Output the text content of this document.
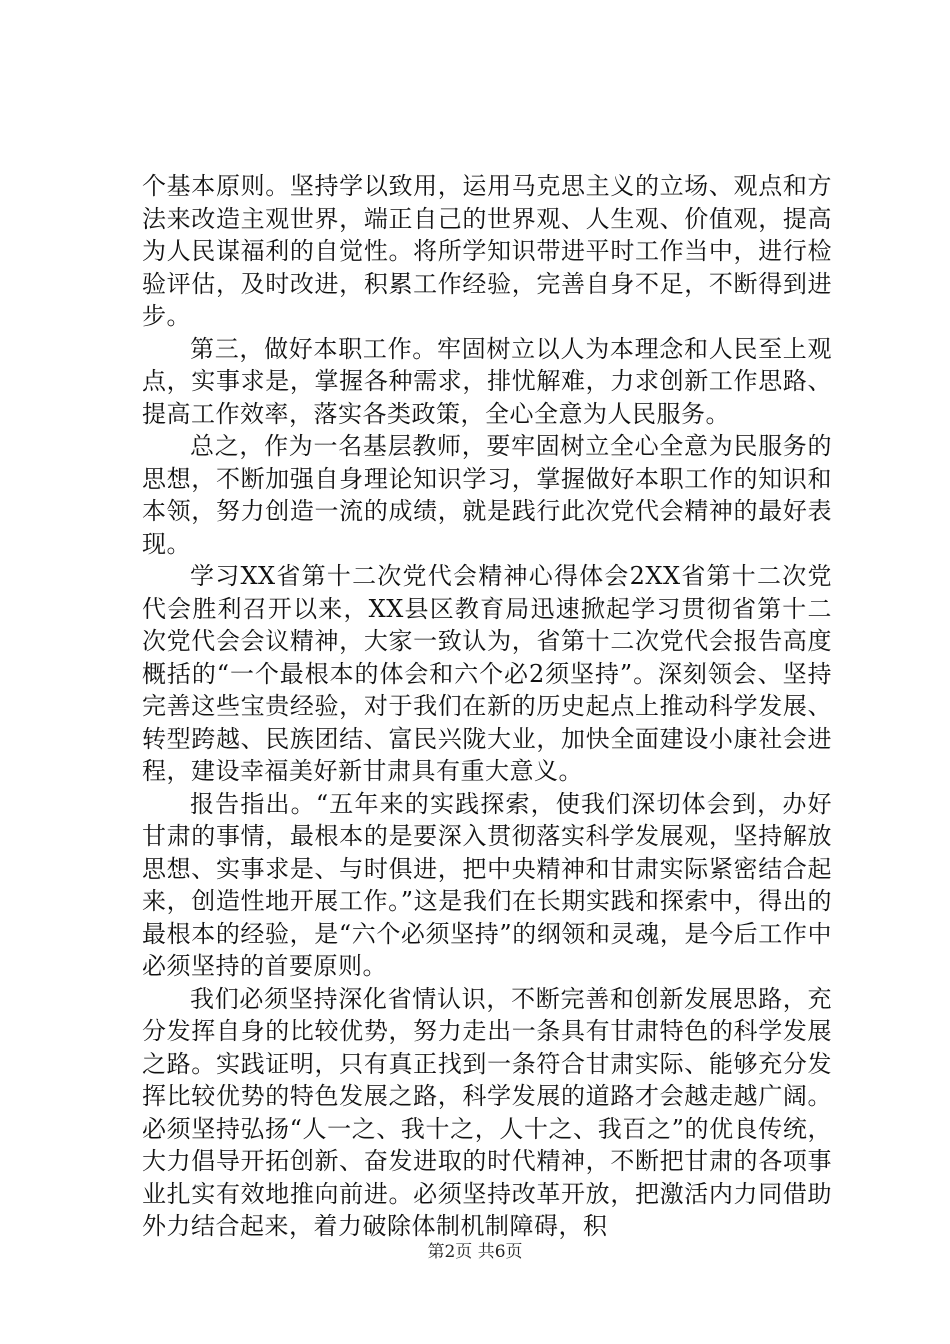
个基本原则。坚持学以致用，运用马克思主义的立场、观点和方法来改造主观世界，端正自己的世界观、人生观、价值观，提高为人民谋福利的自觉性。将所学知识带进平时工作当中，进行检验评估，及时改进，积累工作经验，完善自身不足，不断得到进步。

第三，做好本职工作。牢固树立以人为本理念和人民至上观点，实事求是，掌握各种需求，排忧解难，力求创新工作思路、提高工作效率，落实各类政策，全心全意为人民服务。

总之，作为一名基层教师，要牢固树立全心全意为民服务的思想，不断加强自身理论知识学习，掌握做好本职工作的知识和本领，努力创造一流的成绩，就是践行此次党代会精神的最好表现。

学习XX省第十二次党代会精神心得体会2XX省第十二次党代会胜利召开以来，XX县区教育局迅速掀起学习贯彻省第十二次党代会会议精神，大家一致认为，省第十二次党代会报告高度概括的“一个最根本的体会和六个必2须坚持”。深刻领会、坚持完善这些宝贵经验，对于我们在新的历史起点上推动科学发展、转型跨越、民族团结、富民兴陇大业，加快全面建设小康社会进程，建设幸福美好新甘肃具有重大意义。

报告指出。“五年来的实践探索，使我们深切体会到，办好甘肃的事情，最根本的是要深入贯彻落实科学发展观，坚持解放思想、实事求是、与时俱进，把中央精神和甘肃实际紧密结合起来，创造性地开展工作。”这是我们在长期实践和探索中，得出的最根本的经验，是“六个必须坚持”的纲领和灵魂，是今后工作中必须坚持的首要原则。

我们必须坚持深化省情认识，不断完善和创新发展思路，充分发挥自身的比较优势，努力走出一条具有甘肃特色的科学发展之路。实践证明，只有真正找到一条符合甘肃实际、能够充分发挥比较优势的特色发展之路，科学发展的道路才会越走越广阔。必须坚持弘扬“人一之、我十之，人十之、我百之”的优良传统，大力倡导开拓创新、奋发进取的时代精神，不断把甘肃的各项事业扎实有效地推向前进。必须坚持改革开放，把激活内力同借助外力结合起来，着力破除体制机制障碍，积

第2页 共6页
